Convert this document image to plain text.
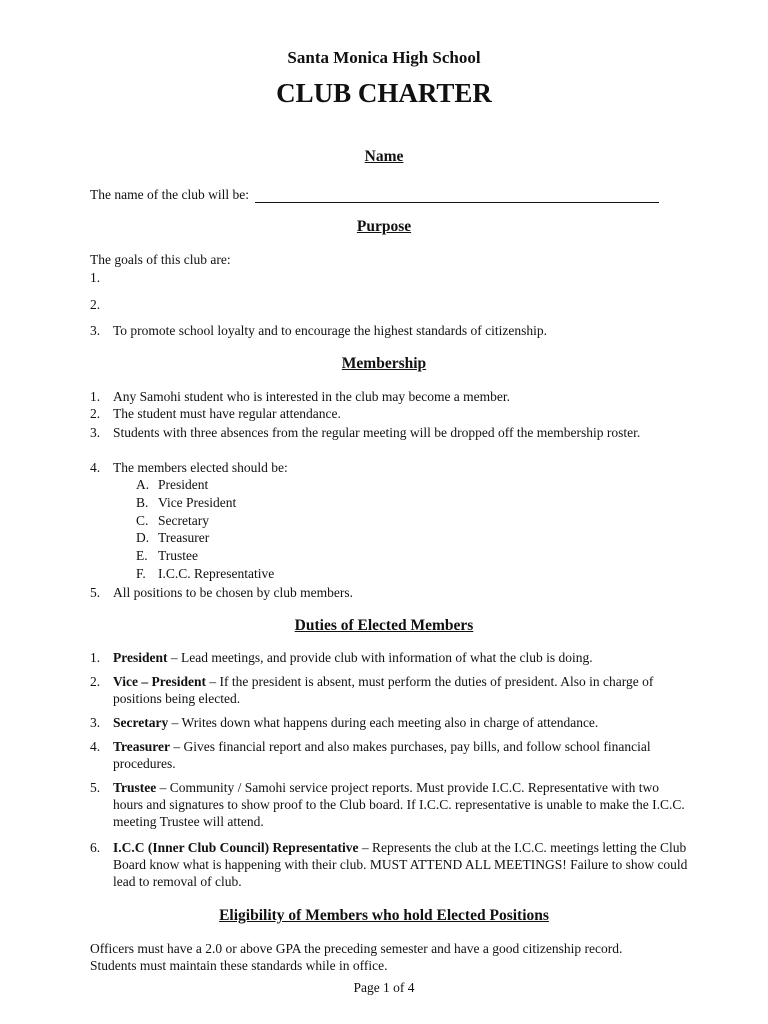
Santa Monica High School
CLUB CHARTER
Name
The name of the club will be:
Purpose
The goals of this club are:
1.
2.
3. To promote school loyalty and to encourage the highest standards of citizenship.
Membership
1. Any Samohi student who is interested in the club may become a member.
2. The student must have regular attendance.
3. Students with three absences from the regular meeting will be dropped off the membership roster.
4. The members elected should be:
A. President
B. Vice President
C. Secretary
D. Treasurer
E. Trustee
F. I.C.C. Representative
5. All positions to be chosen by club members.
Duties of Elected Members
1. President – Lead meetings, and provide club with information of what the club is doing.
2. Vice – President – If the president is absent, must perform the duties of president. Also in charge of positions being elected.
3. Secretary – Writes down what happens during each meeting also in charge of attendance.
4. Treasurer – Gives financial report and also makes purchases, pay bills, and follow school financial procedures.
5. Trustee – Community / Samohi service project reports. Must provide I.C.C. Representative with two hours and signatures to show proof to the Club board. If I.C.C. representative is unable to make the I.C.C. meeting Trustee will attend.
6. I.C.C (Inner Club Council) Representative – Represents the club at the I.C.C. meetings letting the Club Board know what is happening with their club. MUST ATTEND ALL MEETINGS! Failure to show could lead to removal of club.
Eligibility of Members who hold Elected Positions
Officers must have a 2.0 or above GPA the preceding semester and have a good citizenship record. Students must maintain these standards while in office.
Page 1 of 4
